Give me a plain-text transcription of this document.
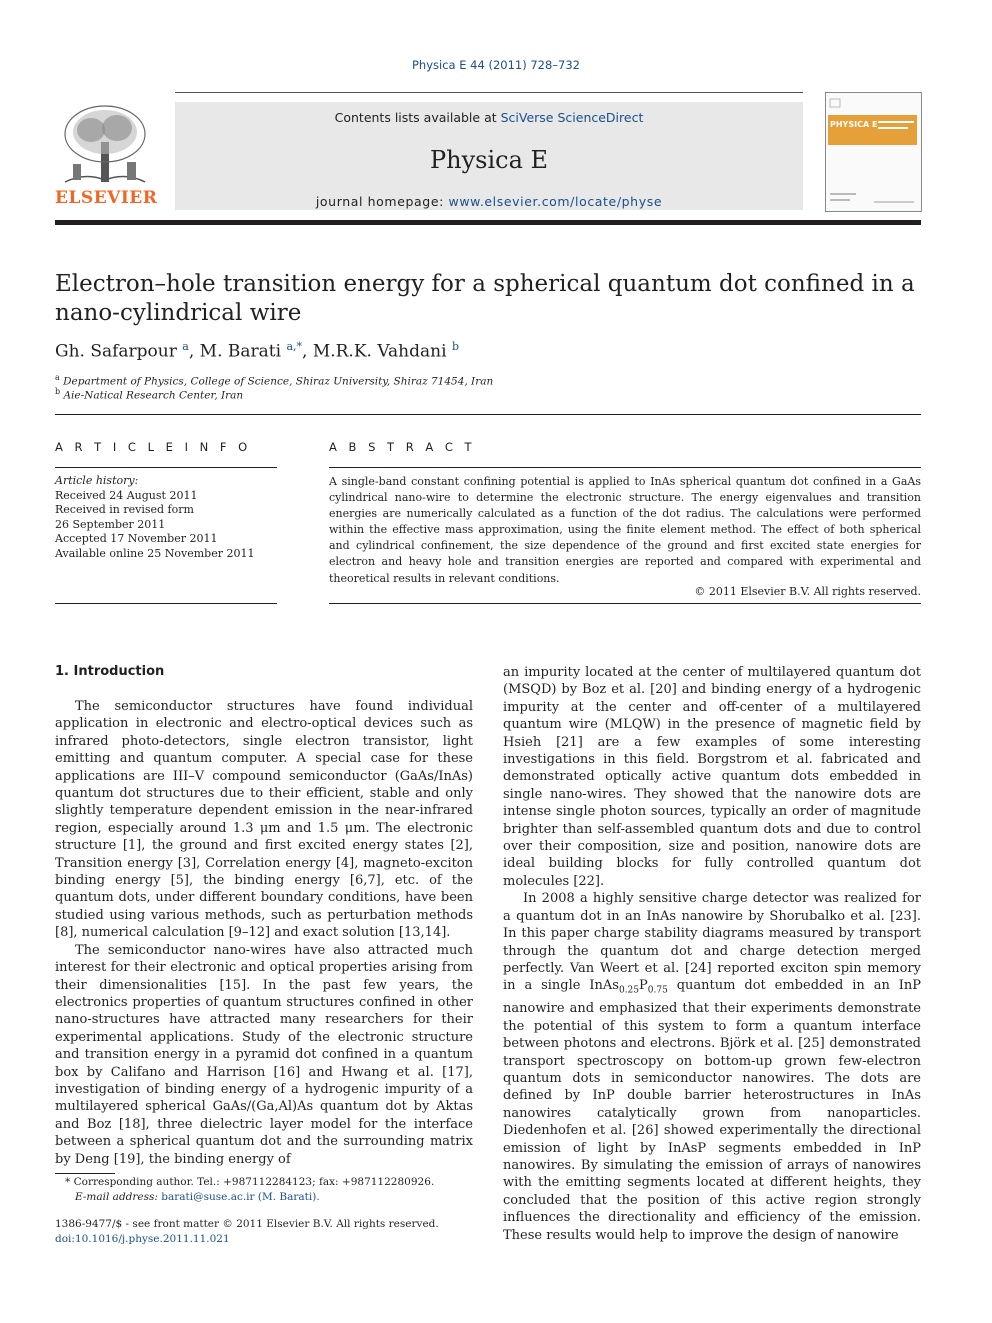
Physica E 44 (2011) 728–732
ELSEVIER
Contents lists available at SciVerse ScienceDirect
Physica E
journal homepage: www.elsevier.com/locate/physe
PHYSICA E
Electron–hole transition energy for a spherical quantum dot confined in a nano-cylindrical wire
Gh. Safarpour $^a$, M. Barati $^{a,*}$, M.R.K. Vahdani $^b$
$^a$ Department of Physics, College of Science, Shiraz University, Shiraz 71454, Iran
$^b$ Aie-Natical Research Center, Iran
A R T I C L E I N F O
Article history:
Received 24 August 2011
Received in revised form
26 September 2011
Accepted 17 November 2011
Available online 25 November 2011
A B S T R A C T
A single-band constant confining potential is applied to InAs spherical quantum dot confined in a GaAs cylindrical nano-wire to determine the electronic structure. The energy eigenvalues and transition energies are numerically calculated as a function of the dot radius. The calculations were performed within the effective mass approximation, using the finite element method. The effect of both spherical and cylindrical confinement, the size dependence of the ground and first excited state energies for electron and heavy hole and transition energies are reported and compared with experimental and theoretical results in relevant conditions.
© 2011 Elsevier B.V. All rights reserved.
1. Introduction

The semiconductor structures have found individual application in electronic and electro-optical devices such as infrared photo-detectors, single electron transistor, light emitting and quantum computer. A special case for these applications are III–V compound semiconductor (GaAs/InAs) quantum dot structures due to their efficient, stable and only slightly temperature dependent emission in the near-infrared region, especially around 1.3 μm and 1.5 μm. The electronic structure [1], the ground and first excited energy states [2], Transition energy [3], Correlation energy [4], magneto-exciton binding energy [5], the binding energy [6,7], etc. of the quantum dots, under different boundary conditions, have been studied using various methods, such as perturbation methods [8], numerical calculation [9–12] and exact solution [13,14].

The semiconductor nano-wires have also attracted much interest for their electronic and optical properties arising from their dimensionalities [15]. In the past few years, the electronics properties of quantum structures confined in other nano-structures have attracted many researchers for their experimental applications. Study of the electronic structure and transition energy in a pyramid dot confined in a quantum box by Califano and Harrison [16] and Hwang et al. [17], investigation of binding energy of a hydrogenic impurity of a multilayered spherical GaAs/(Ga,Al)As quantum dot by Aktas and Boz [18], three dielectric layer model for the interface between a spherical quantum dot and the surrounding matrix by Deng [19], the binding energy of

an impurity located at the center of multilayered quantum dot (MSQD) by Boz et al. [20] and binding energy of a hydrogenic impurity at the center and off-center of a multilayered quantum wire (MLQW) in the presence of magnetic field by Hsieh [21] are a few examples of some interesting investigations in this field. Borgstrom et al. fabricated and demonstrated optically active quantum dots embedded in single nano-wires. They showed that the nanowire dots are intense single photon sources, typically an order of magnitude brighter than self-assembled quantum dots and due to control over their composition, size and position, nanowire dots are ideal building blocks for fully controlled quantum dot molecules [22].

In 2008 a highly sensitive charge detector was realized for a quantum dot in an InAs nanowire by Shorubalko et al. [23]. In this paper charge stability diagrams measured by transport through the quantum dot and charge detection merged perfectly. Van Weert et al. [24] reported exciton spin memory in a single $InAs_{0.25}P_{0.75}$ quantum dot embedded in an InP nanowire and emphasized that their experiments demonstrate the potential of this system to form a quantum interface between photons and electrons. Björk et al. [25] demonstrated transport spectroscopy on bottom-up grown few-electron quantum dots in semiconductor nanowires. The dots are defined by InP double barrier heterostructures in InAs nanowires catalytically grown from nanoparticles. Diedenhofen et al. [26] showed experimentally the directional emission of light by InAsP segments embedded in InP nanowires. By simulating the emission of arrays of nanowires with the emitting segments located at different heights, they concluded that the position of this active region strongly influences the directionality and efficiency of the emission. These results would help to improve the design of nanowire

* Corresponding author. Tel.: +987112284123; fax: +987112280926.
E-mail address: barati@suse.ac.ir (M. Barati).
1386-9477/$ - see front matter © 2011 Elsevier B.V. All rights reserved.
doi:10.1016/j.physe.2011.11.021
